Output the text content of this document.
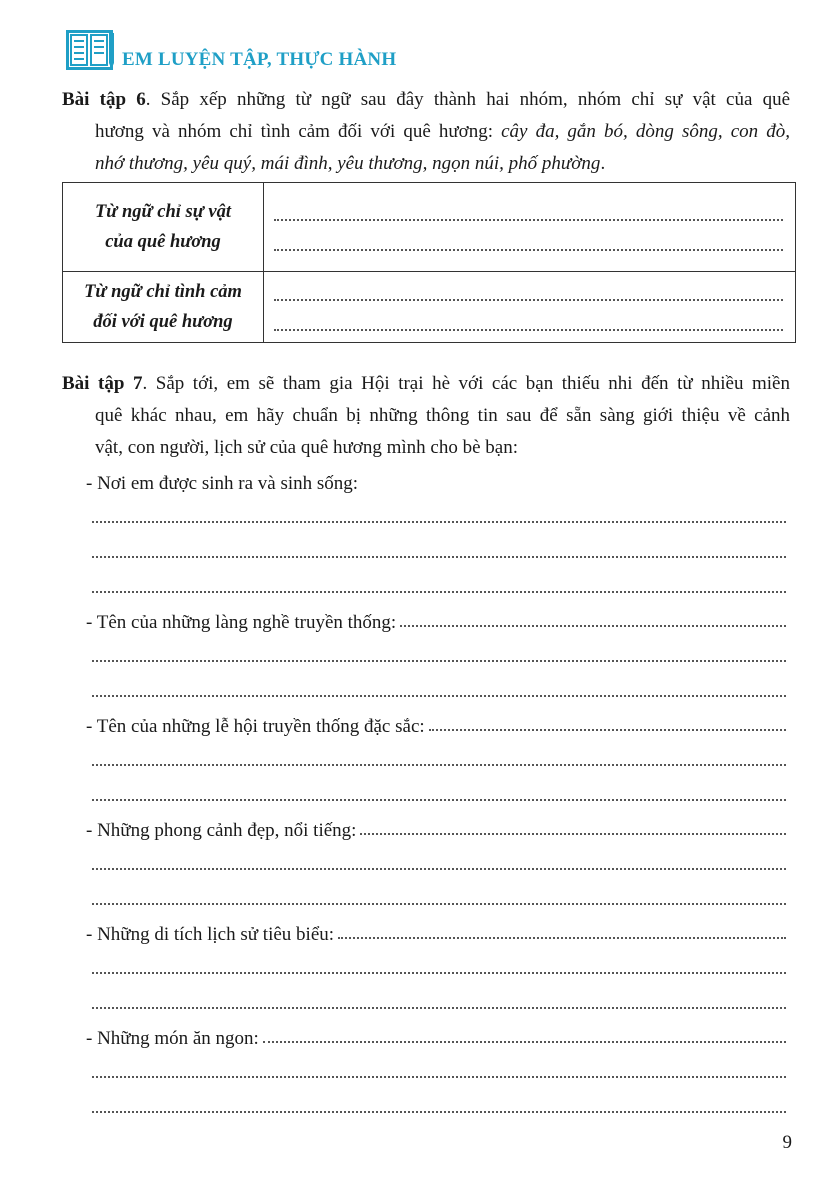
EM LUYỆN TẬP, THỰC HÀNH
Bài tập 6. Sắp xếp những từ ngữ sau đây thành hai nhóm, nhóm chỉ sự vật của quê
hương và nhóm chỉ tình cảm đối với quê hương: cây đa, gắn bó, dòng sông, con đò,
nhớ thương, yêu quý, mái đình, yêu thương, ngọn núi, phố phường.
Từ ngữ chỉ sự vật
của quê hương	

Từ ngữ chỉ tình cảm
đối với quê hương	

Bài tập 7. Sắp tới, em sẽ tham gia Hội trại hè với các bạn thiếu nhi đến từ nhiều miền
quê khác nhau, em hãy chuẩn bị những thông tin sau để sẵn sàng giới thiệu về cảnh
vật, con người, lịch sử của quê hương mình cho bè bạn:
- Nơi em được sinh ra và sinh sống:
- Tên của những làng nghề truyền thống:
- Tên của những lễ hội truyền thống đặc sắc:
- Những phong cảnh đẹp, nổi tiếng:
- Những di tích lịch sử tiêu biểu:
- Những món ăn ngon:
9
